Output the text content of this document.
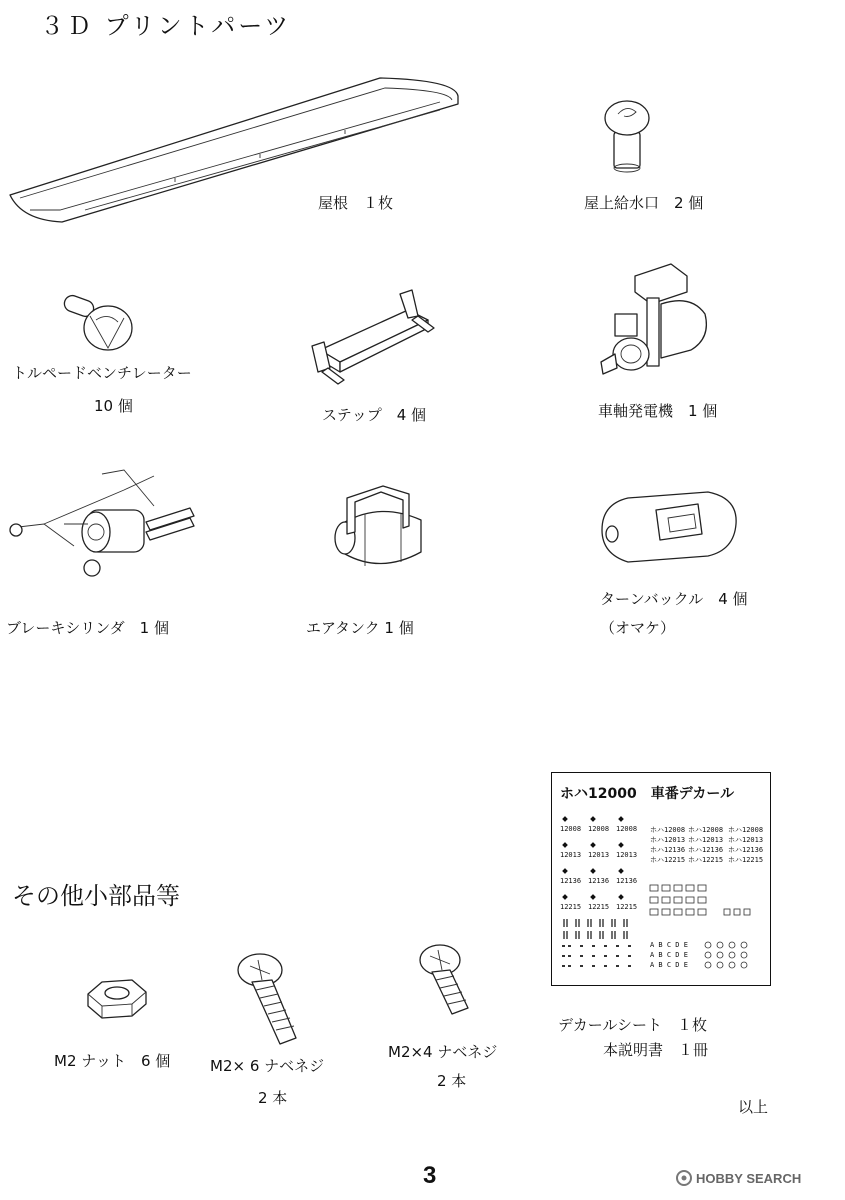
３Ｄ プリントパーツ
屋根　１枚	屋上給水口　2 個
トルペードベンチレーター
10 個	ステップ　4 個	車軸発電機　1 個
ブレーキシリンダ　1 個	エアタンク 1 個
ターンバックル　4 個
（オマケ）
その他小部品等
M2 ナット　6 個	M2× 6 ナベネジ
2 本
M2×4 ナベネジ
2 本
ホハ12000　車番デカール
12008
12013
12136
12215
12008
12013
12136
12215
12008
12013
12136
12215
ホハ12008 ホハ12008 ホハ12008
ホハ12013 ホハ12013 ホハ12013
ホハ12136 ホハ12136 ホハ12136
ホハ12215 ホハ12215 ホハ12215
A B C D E
A B C D E
A B C D E
デカールシート　１枚
本説明書　１冊
以上
3	HOBBY SEARCH
